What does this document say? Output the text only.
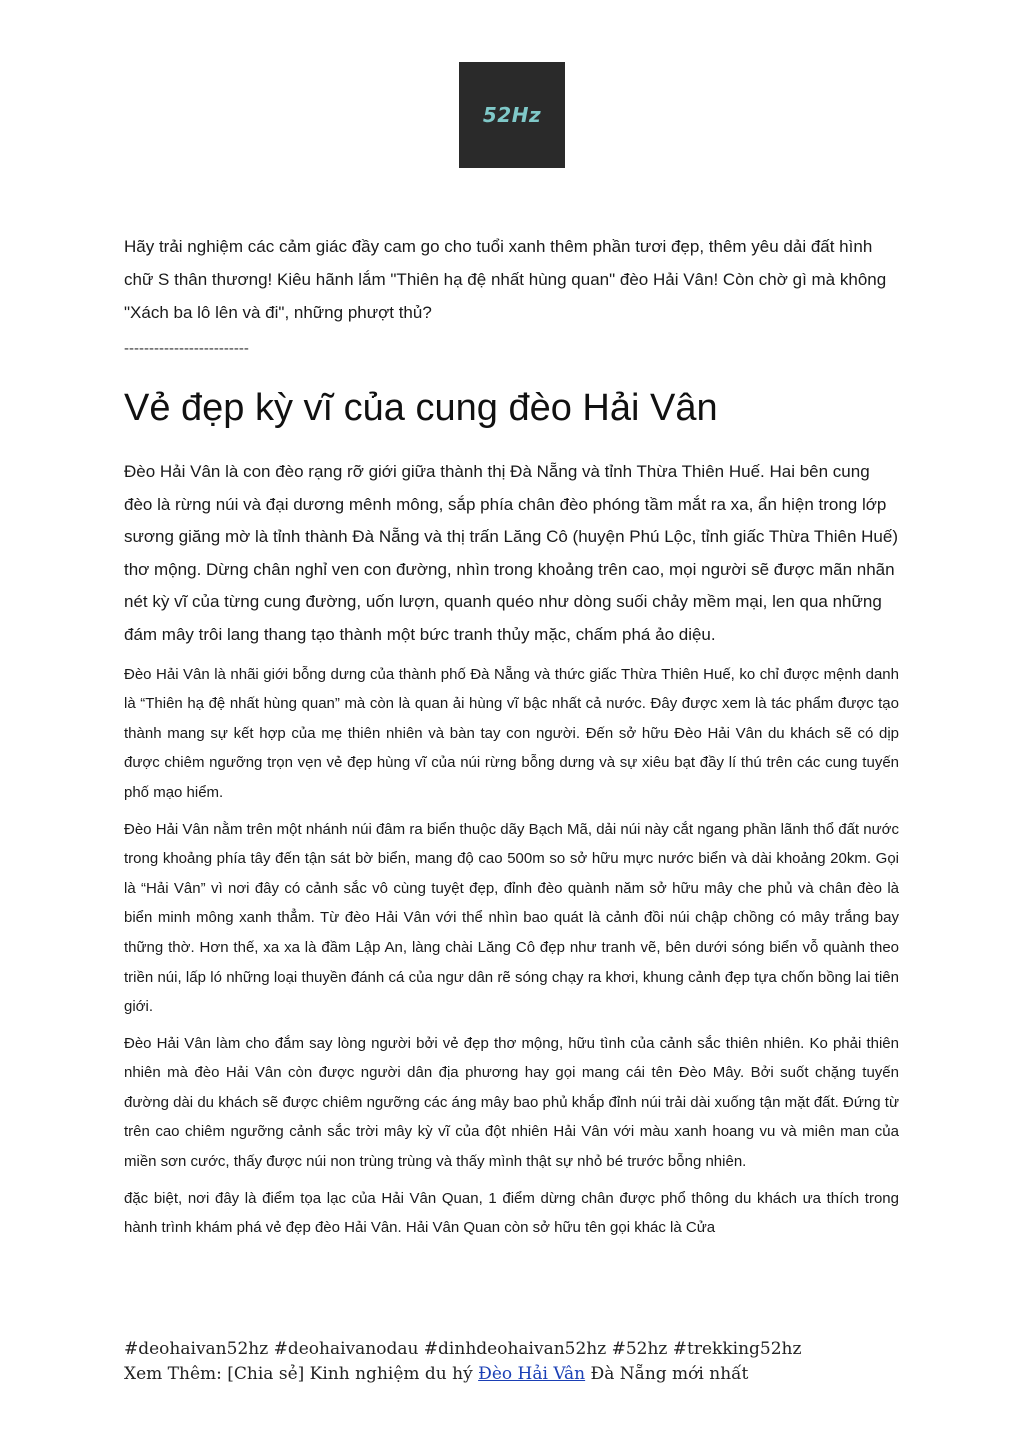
52Hz

Hãy trải nghiệm các cảm giác đầy cam go cho tuổi xanh thêm phần tươi đẹp, thêm yêu dải đất hình chữ S thân thương! Kiêu hãnh lắm "Thiên hạ đệ nhất hùng quan" đèo Hải Vân! Còn chờ gì mà không "Xách ba lô lên và đi", những phượt thủ?

-------------------------

Vẻ đẹp kỳ vĩ của cung đèo Hải Vân

Đèo Hải Vân là con đèo rạng rỡ giới giữa thành thị Đà Nẵng và tỉnh Thừa Thiên Huế. Hai bên cung đèo là rừng núi và đại dương mênh mông, sắp phía chân đèo phóng tầm mắt ra xa, ẩn hiện trong lớp sương giăng mờ là tỉnh thành Đà Nẵng và thị trấn Lăng Cô (huyện Phú Lộc, tỉnh giấc Thừa Thiên Huế) thơ mộng. Dừng chân nghỉ ven con đường, nhìn trong khoảng trên cao, mọi người sẽ được mãn nhãn nét kỳ vĩ của từng cung đường, uốn lượn, quanh quéo như dòng suối chảy mềm mại, len qua những đám mây trôi lang thang tạo thành một bức tranh thủy mặc, chấm phá ảo diệu.

Đèo Hải Vân là nhãi giới bỗng dưng của thành phố Đà Nẵng và thức giấc Thừa Thiên Huế, ko chỉ được mệnh danh là “Thiên hạ đệ nhất hùng quan” mà còn là quan ải hùng vĩ bậc nhất cả nước. Đây được xem là tác phẩm được tạo thành mang sự kết hợp của mẹ thiên nhiên và bàn tay con người. Đến sở hữu Đèo Hải Vân du khách sẽ có dịp được chiêm ngưỡng trọn vẹn vẻ đẹp hùng vĩ của núi rừng bỗng dưng và sự xiêu bạt đầy lí thú trên các cung tuyến phố mạo hiểm.

Đèo Hải Vân nằm trên một nhánh núi đâm ra biển thuộc dãy Bạch Mã, dải núi này cắt ngang phần lãnh thổ đất nước trong khoảng phía tây đến tận sát bờ biển, mang độ cao 500m so sở hữu mực nước biển và dài khoảng 20km. Gọi là “Hải Vân” vì nơi đây có cảnh sắc vô cùng tuyệt đẹp, đỉnh đèo quành năm sở hữu mây che phủ và chân đèo là biển minh mông xanh thẳm. Từ đèo Hải Vân với thể nhìn bao quát là cảnh đồi núi chập chồng có mây trắng bay thững thờ. Hơn thế, xa xa là đầm Lập An, làng chài Lăng Cô đẹp như tranh vẽ, bên dưới sóng biển vỗ quành theo triền núi, lấp ló những loại thuyền đánh cá của ngư dân rẽ sóng chạy ra khơi, khung cảnh đẹp tựa chốn bồng lai tiên giới.

Đèo Hải Vân làm cho đắm say lòng người bởi vẻ đẹp thơ mộng, hữu tình của cảnh sắc thiên nhiên. Ko phải thiên nhiên mà đèo Hải Vân còn được người dân địa phương hay gọi mang cái tên Đèo Mây. Bởi suốt chặng tuyến đường dài du khách sẽ được chiêm ngưỡng các áng mây bao phủ khắp đỉnh núi trải dài xuống tận mặt đất. Đứng từ trên cao chiêm ngưỡng cảnh sắc trời mây kỳ vĩ của đột nhiên Hải Vân với màu xanh hoang vu và miên man của miền sơn cước, thấy được núi non trùng trùng và thấy mình thật sự nhỏ bé trước bỗng nhiên.

đặc biệt, nơi đây là điểm tọa lạc của Hải Vân Quan, 1 điểm dừng chân được phổ thông du khách ưa thích trong hành trình khám phá vẻ đẹp đèo Hải Vân. Hải Vân Quan còn sở hữu tên gọi khác là Cửa

#deohaivan52hz #deohaivanodau #dinhdeohaivan52hz #52hz #trekking52hz
Xem Thêm: [Chia sẻ] Kinh nghiệm du hý Đèo Hải Vân Đà Nẵng mới nhất
